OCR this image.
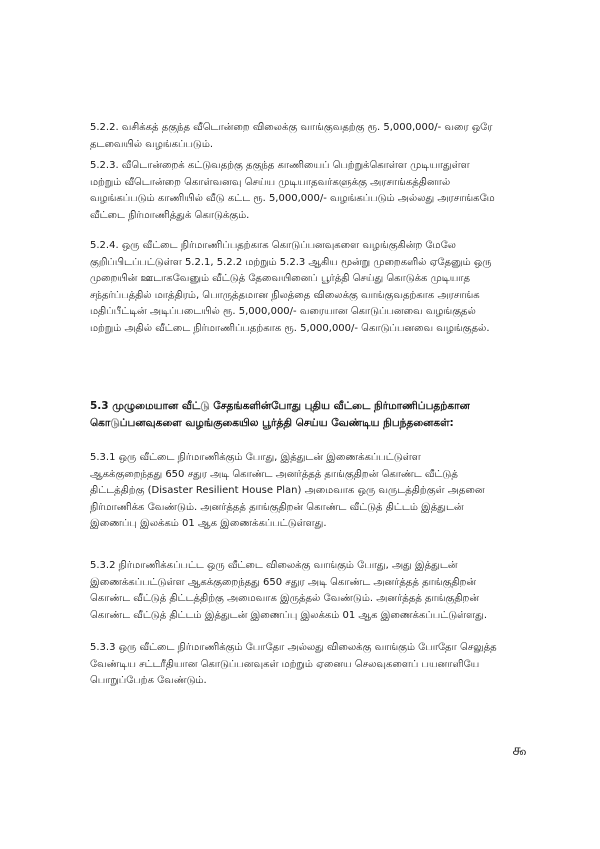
5.2.2. வசிக்கத் தகுந்த வீடொன்றை விலைக்கு வாங்குவதற்கு ரூ. 5,000,000/- வரை ஒரே
தடவையில் வழங்கப்படும்.
5.2.3. வீடொன்றைக் கட்டுவதற்கு தகுந்த காணியைப் பெற்றுக்கொள்ள முடியாதுள்ள
மற்றும் வீடொன்றை கொள்வனவு செய்ய முடியாதவர்களுக்கு அரசாங்கத்தினால்
வழங்கப்படும் காணியில் வீடு கட்ட ரூ. 5,000,000/- வழங்கப்படும் அல்லது அரசாங்கமே
வீட்டை நிர்மாணித்துக் கொடுக்கும்.
5.2.4. ஒரு வீட்டை நிர்மாணிப்பதற்காக கொடுப்பனவுகளை வழங்குகின்ற மேலே
குறிப்பிடப்பட்டுள்ள 5.2.1, 5.2.2 மற்றும் 5.2.3 ஆகிய மூன்று முறைகளில் ஏதேனும் ஒரு
முறையின் ஊடாகவேனும் வீட்டுத் தேவையினைப் பூர்த்தி செய்து கொடுக்க முடியாத
சந்தர்ப்பத்தில் மாத்திரம், பொருத்தமான நிலத்தை விலைக்கு வாங்குவதற்காக அரசாங்க
மதிப்பீட்டின் அடிப்படையில் ரூ. 5,000,000/- வரையான கொடுப்பனவை வழங்குதல்
மற்றும் அதில் வீட்டை நிர்மாணிப்பதற்காக ரூ. 5,000,000/- கொடுப்பனவை வழங்குதல்.
5.3 முழுமையான வீட்டு சேதங்களின்போது புதிய வீட்டை நிர்மாணிப்பதற்கான
கொடுப்பனவுகளை வழங்குகையில பூர்த்தி செய்ய வேண்டிய நிபந்தனைகள்:
5.3.1 ஒரு வீட்டை நிர்மாணிக்கும் போது, இத்துடன் இணைக்கப்பட்டுள்ள
ஆகக்குறைந்தது 650 சதுர அடி கொண்ட அனர்த்தத் தாங்குதிறன் கொண்ட வீட்டுத்
திட்டத்திற்கு (Disaster Resilient House Plan) அமைவாக ஒரு வருடத்திற்குள் அதனை
நிர்மாணிக்க வேண்டும். அனர்த்தத் தாங்குதிறன் கொண்ட வீட்டுத் திட்டம் இத்துடன்
இணைப்பு இலக்கம் 01 ஆக இணைக்கப்பட்டுள்ளது.
5.3.2 நிர்மாணிக்கப்பட்ட ஒரு வீட்டை விலைக்கு வாங்கும் போது, அது இத்துடன்
இணைக்கப்பட்டுள்ள ஆகக்குறைந்தது 650 சதுர அடி கொண்ட அனர்த்தத் தாங்குதிறன்
கொண்ட வீட்டுத் திட்டத்திற்கு அமைவாக இருத்தல் வேண்டும். அனர்த்தத் தாங்குதிறன்
கொண்ட வீட்டுத் திட்டம் இத்துடன் இணைப்பு இலக்கம் 01 ஆக இணைக்கப்பட்டுள்ளது.
5.3.3 ஒரு வீட்டை நிர்மாணிக்கும் போதோ அல்லது விலைக்கு வாங்கும் போதோ செலுத்த
வேண்டிய சட்டரீதியான கொடுப்பனவுகள் மற்றும் ஏனைய செலவுகளைப் பயனாளியே
பொறுப்பேற்க வேண்டும்.
௯
